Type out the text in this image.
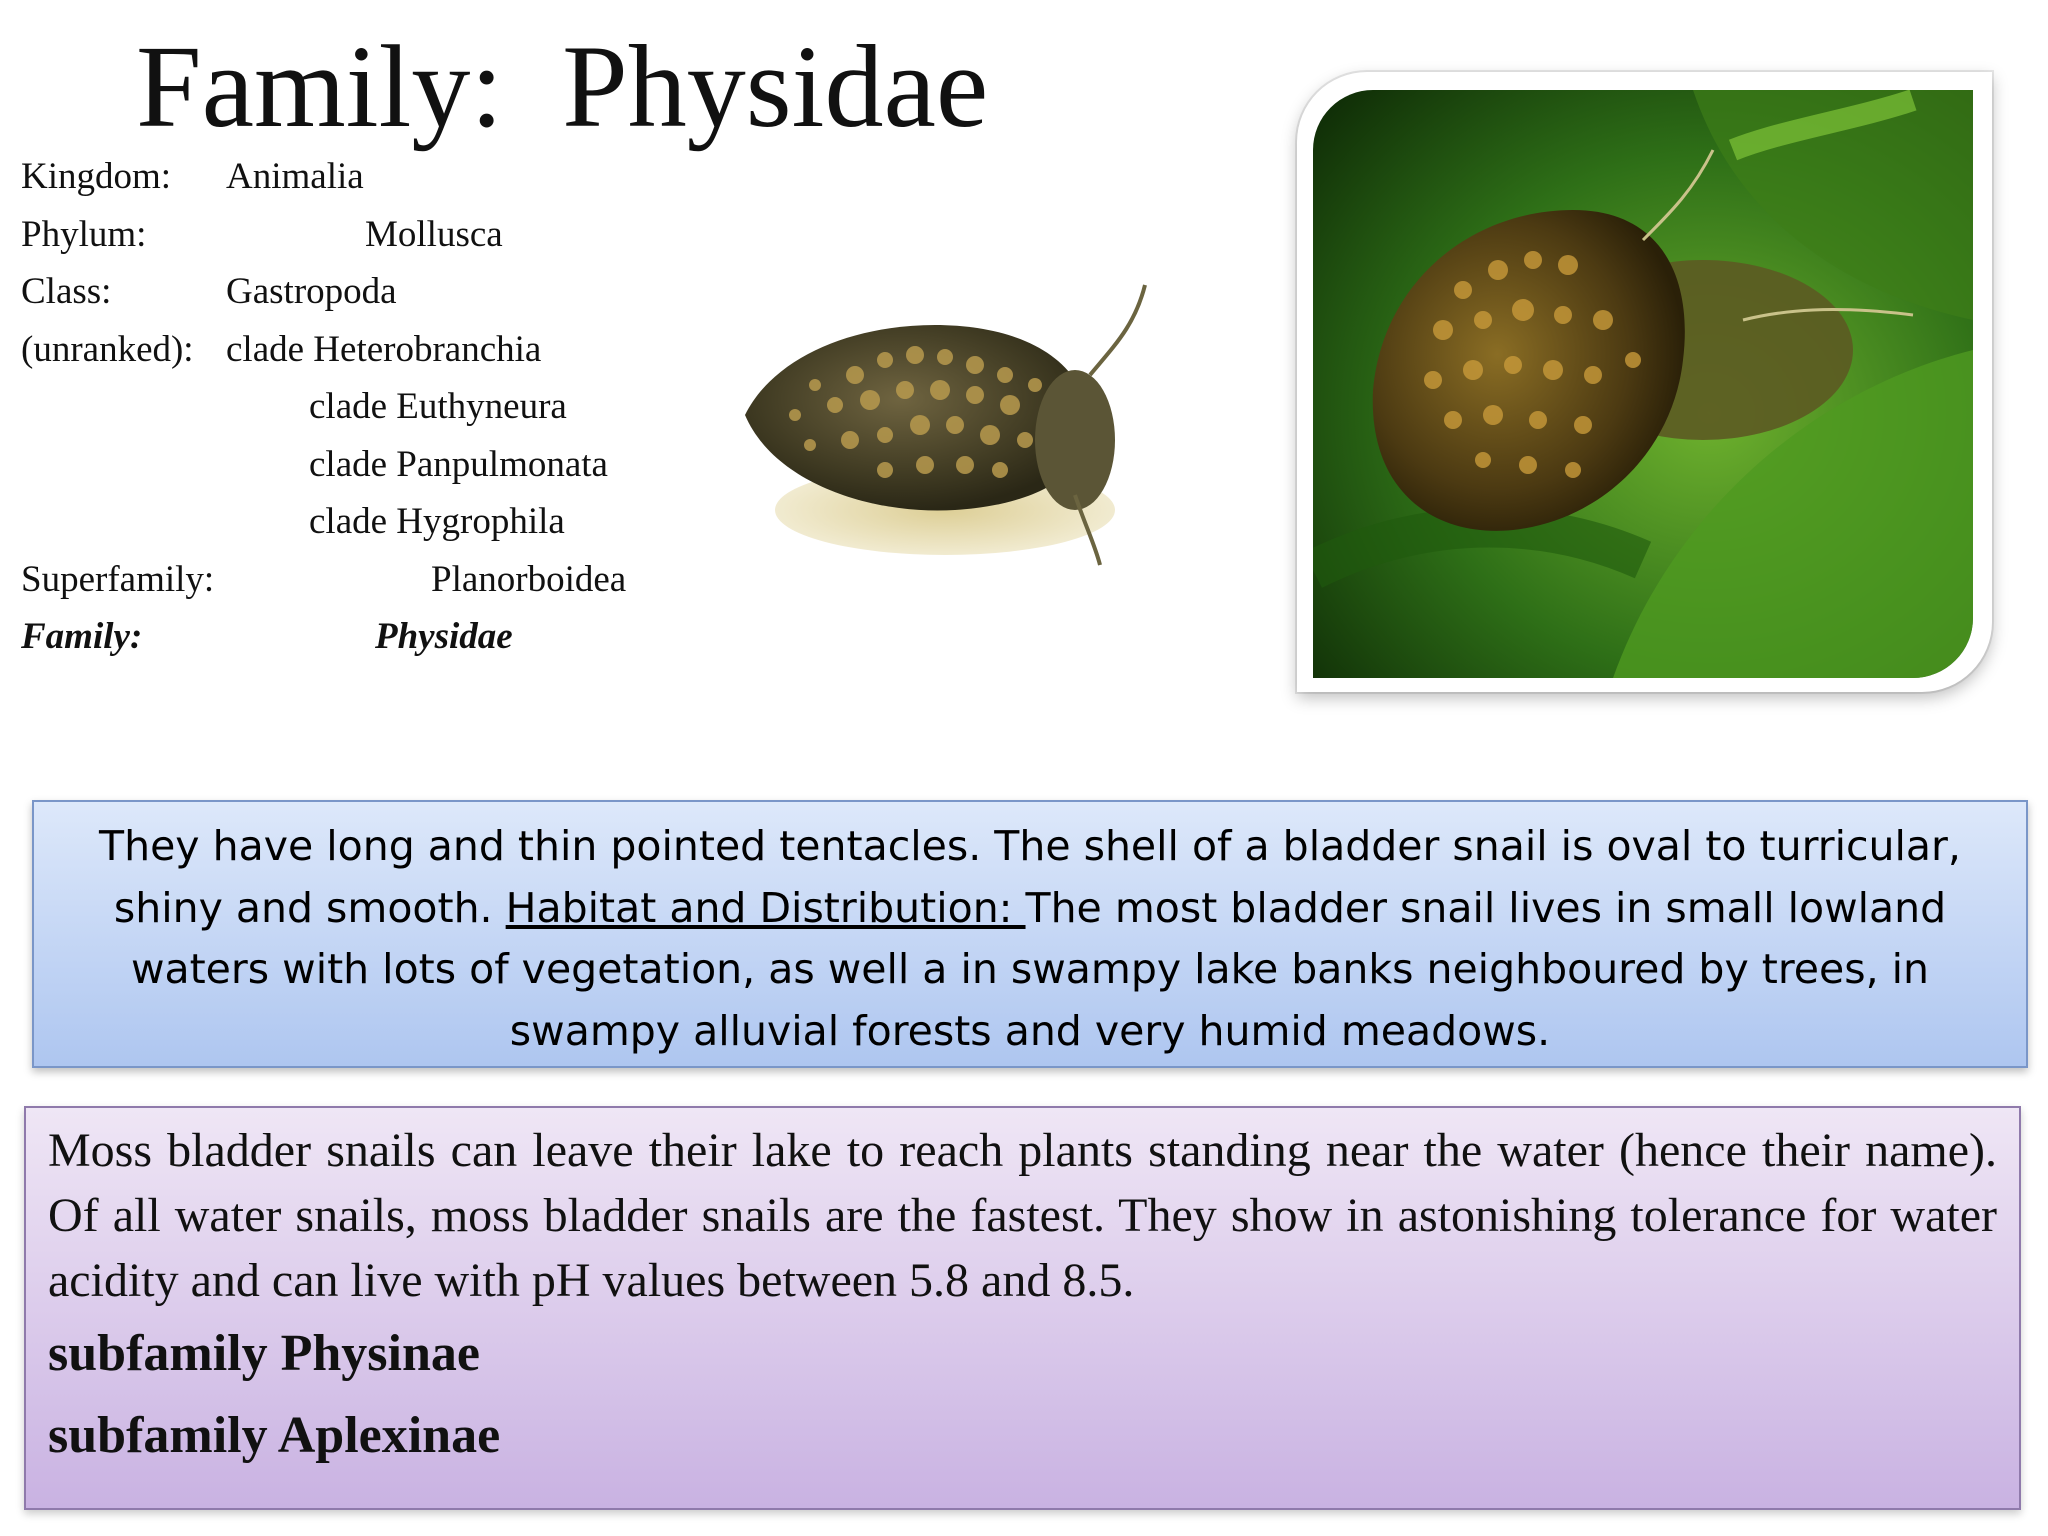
Family:  Physidae
Kingdom: Animalia
Phylum:	Mollusca
Class:	Gastropoda
(unranked): clade Heterobranchia
clade Euthyneura
clade Panpulmonata
clade Hygrophila
Superfamily:	Planorboidea
Family:	Physidae
They have long and thin pointed tentacles. The shell of a bladder snail is oval to turricular, shiny and smooth. Habitat and Distribution: The most bladder snail lives in small lowland waters with lots of vegetation, as well a in swampy lake banks neighboured by trees, in swampy alluvial forests and very humid meadows.
Moss bladder snails can leave their lake to reach plants standing near the water (hence their name). Of all water snails, moss bladder snails are the fastest. They show in astonishing tolerance for water acidity and can live with pH values between 5.8 and 8.5.
subfamily Physinae
subfamily Aplexinae
